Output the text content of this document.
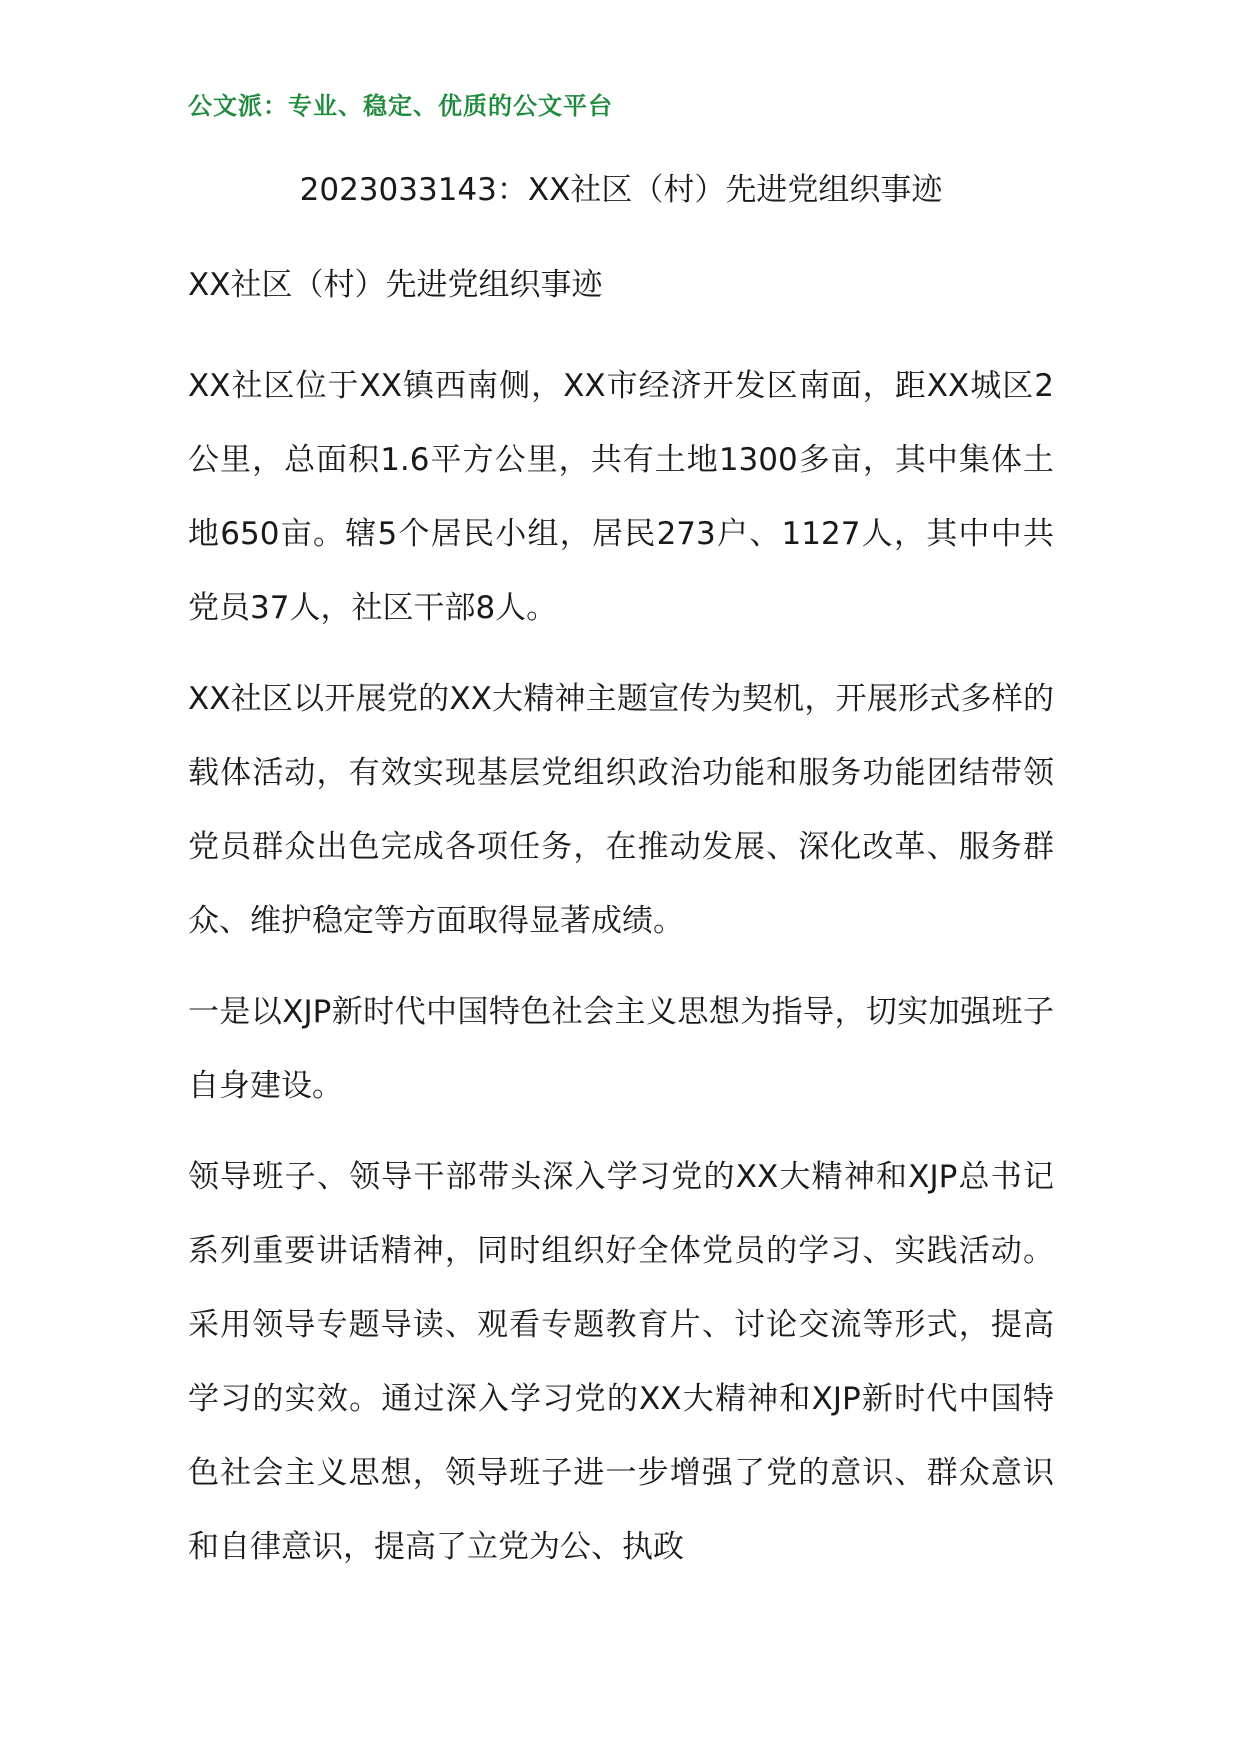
公文派：专业、稳定、优质的公文平台

2023033143：XX社区（村）先进党组织事迹

XX社区（村）先进党组织事迹

XX社区位于XX镇西南侧，XX市经济开发区南面，距XX城区2公里，总面积1.6平方公里，共有土地1300多亩，其中集体土地650亩。辖5个居民小组，居民273户、1127人，其中中共党员37人，社区干部8人。

XX社区以开展党的XX大精神主题宣传为契机，开展形式多样的载体活动，有效实现基层党组织政治功能和服务功能团结带领党员群众出色完成各项任务，在推动发展、深化改革、服务群众、维护稳定等方面取得显著成绩。

一是以XJP新时代中国特色社会主义思想为指导，切实加强班子自身建设。

领导班子、领导干部带头深入学习党的XX大精神和XJP总书记系列重要讲话精神，同时组织好全体党员的学习、实践活动。采用领导专题导读、观看专题教育片、讨论交流等形式，提高学习的实效。通过深入学习党的XX大精神和XJP新时代中国特色社会主义思想，领导班子进一步增强了党的意识、群众意识和自律意识，提高了立党为公、执政
